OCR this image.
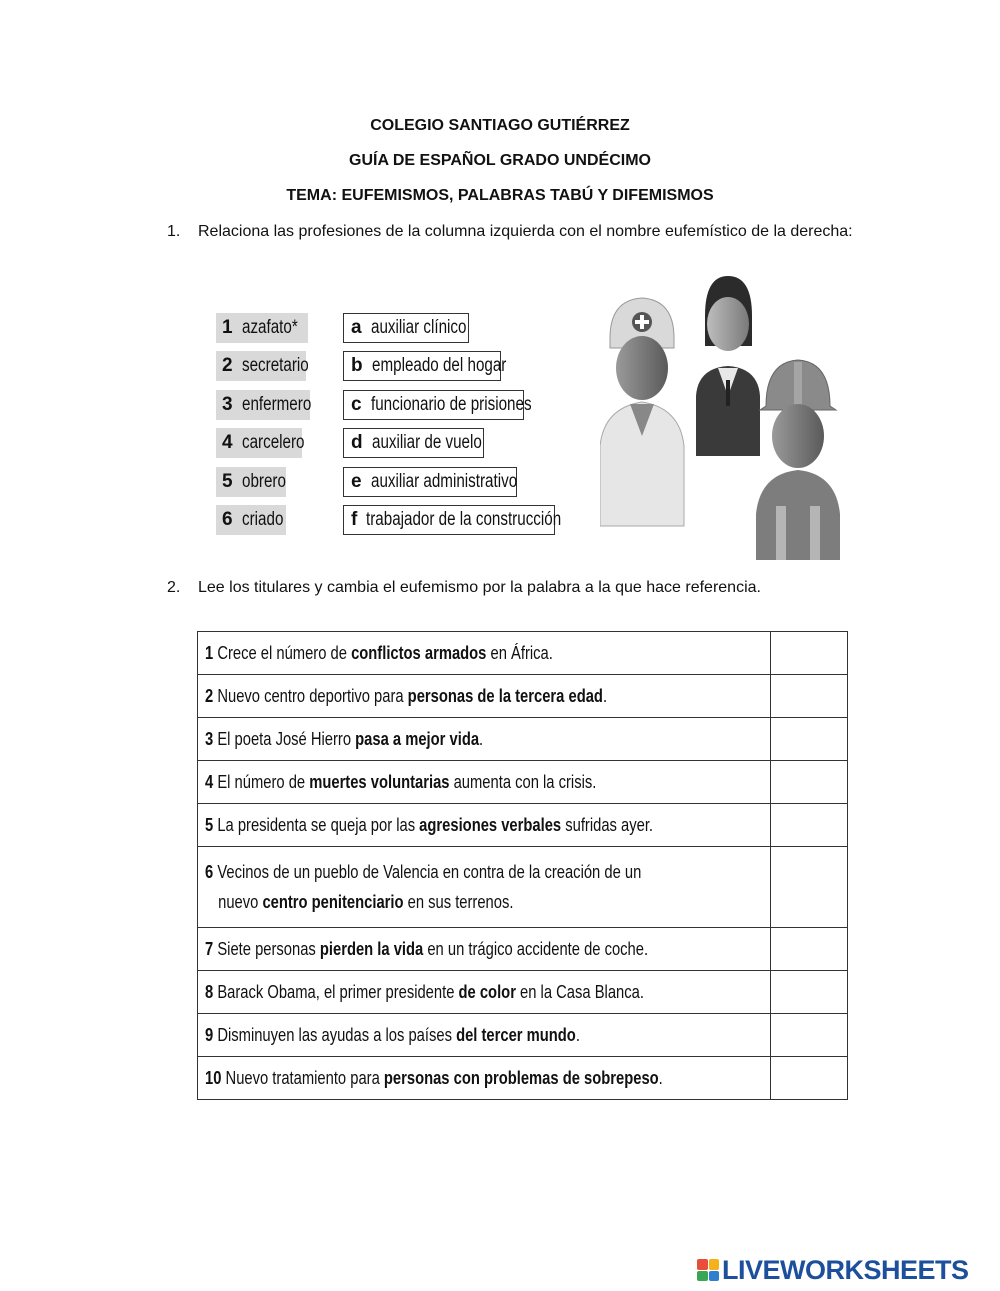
COLEGIO SANTIAGO GUTIÉRREZ
GUÍA DE ESPAÑOL GRADO UNDÉCIMO
TEMA: EUFEMISMOS, PALABRAS TABÚ Y DIFEMISMOS
1. Relaciona las profesiones de la columna izquierda con el nombre eufemístico de la derecha:
1 azafato*
2 secretario
3 enfermero
4 carcelero
5 obrero
6 criado
a auxiliar clínico
b empleado del hogar
c funcionario de prisiones
d auxiliar de vuelo
e auxiliar administrativo
f trabajador de la construcción
2. Lee los titulares y cambia el eufemismo por la palabra a la que hace referencia.
1 Crece el número de conflictos armados en África.	
2 Nuevo centro deportivo para personas de la tercera edad.	
3 El poeta José Hierro pasa a mejor vida.	
4 El número de muertes voluntarias aumenta con la crisis.	
5 La presidenta se queja por las agresiones verbales sufridas ayer.	
6 Vecinos de un pueblo de Valencia en contra de la creación de un
nuevo centro penitenciario en sus terrenos.	
7 Siete personas pierden la vida en un trágico accidente de coche.	
8 Barack Obama, el primer presidente de color en la Casa Blanca.	
9 Disminuyen las ayudas a los países del tercer mundo.	
10 Nuevo tratamiento para personas con problemas de sobrepeso.	
LIVEWORKSHEETS
